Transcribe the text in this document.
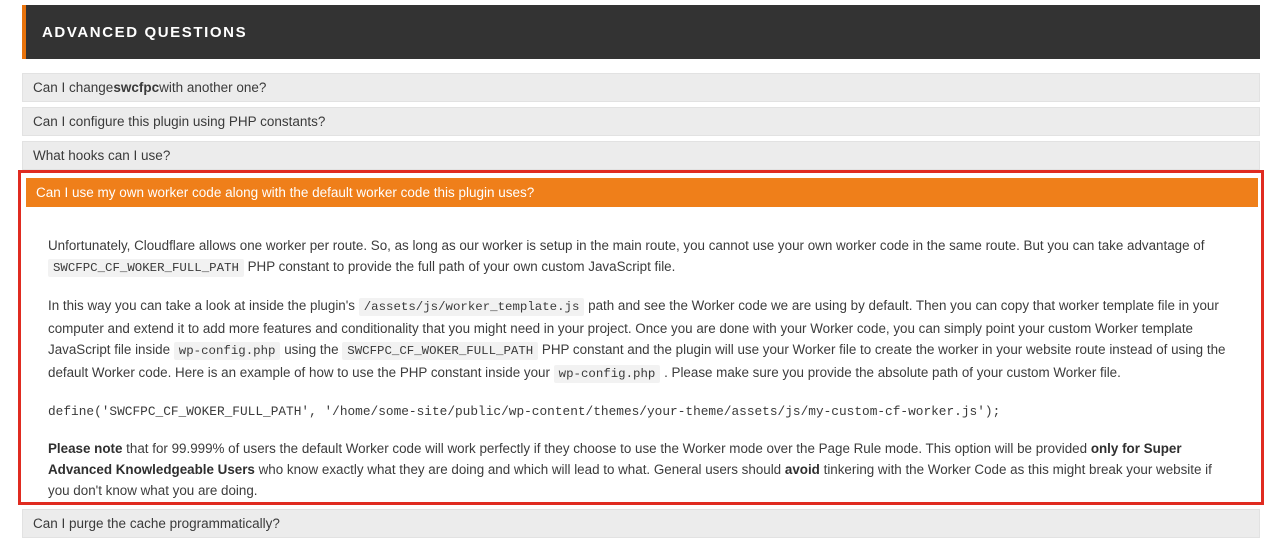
ADVANCED QUESTIONS
Can I change swcfpc with another one?
Can I configure this plugin using PHP constants?
What hooks can I use?
Can I use my own worker code along with the default worker code this plugin uses?

Unfortunately, Cloudflare allows one worker per route. So, as long as our worker is setup in the main route, you cannot use your own worker code in the same route. But you can take advantage of SWCFPC_CF_WOKER_FULL_PATH PHP constant to provide the full path of your own custom JavaScript file.

In this way you can take a look at inside the plugin's /assets/js/worker_template.js path and see the Worker code we are using by default. Then you can copy that worker template file in your computer and extend it to add more features and conditionality that you might need in your project. Once you are done with your Worker code, you can simply point your custom Worker template JavaScript file inside wp-config.php using the SWCFPC_CF_WOKER_FULL_PATH PHP constant and the plugin will use your Worker file to create the worker in your website route instead of using the default Worker code. Here is an example of how to use the PHP constant inside your wp-config.php . Please make sure you provide the absolute path of your custom Worker file.

define('SWCFPC_CF_WOKER_FULL_PATH', '/home/some-site/public/wp-content/themes/your-theme/assets/js/my-custom-cf-worker.js');

Please note that for 99.999% of users the default Worker code will work perfectly if they choose to use the Worker mode over the Page Rule mode. This option will be provided only for Super Advanced Knowledgeable Users who know exactly what they are doing and which will lead to what. General users should avoid tinkering with the Worker Code as this might break your website if you don't know what you are doing.

Can I purge the cache programmatically?
